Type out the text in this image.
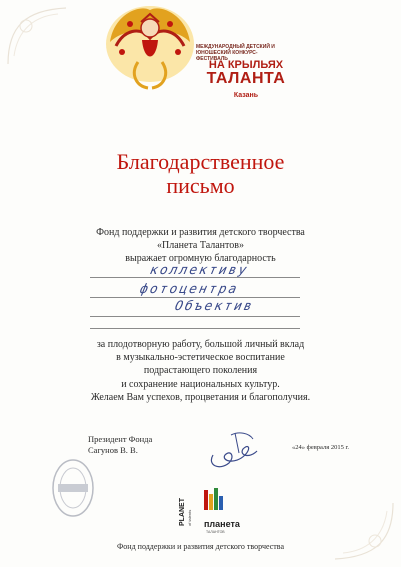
МЕЖДУНАРОДНЫЙ ДЕТСКИЙ И ЮНОШЕСКИЙ КОНКУРС-ФЕСТИВАЛЬ
НА КРЫЛЬЯХ
ТАЛАНТА
Казань
Благодарственное
письмо
Фонд поддержки и развития детского творчества
«Планета Талантов»
выражает огромную благодарность
коллективу
фотоцентра
Объектив
за плодотворную работу, большой личный вклад
в музыкально-эстетическое воспитание
подрастающего поколения
и сохранение национальных культур.
Желаем Вам успехов, процветания и благополучия.
Президент Фонда
Сагунов В. В.	«24» февраля 2015 г.
PLANET of talents планета
ТАЛАНТОВ
Фонд поддержки и развития детского творчества
